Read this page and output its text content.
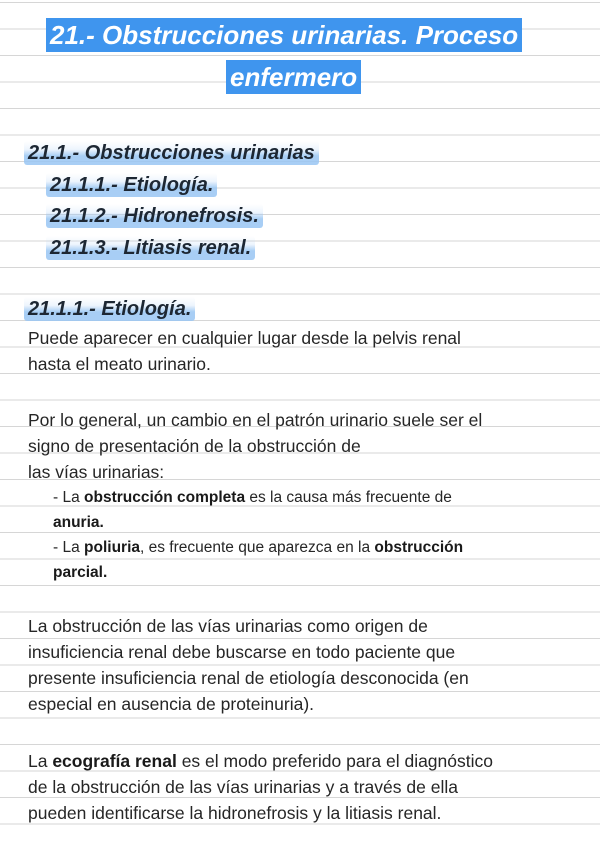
21.- Obstrucciones urinarias. Proceso
enfermero
21.1.- Obstrucciones urinarias
21.1.1.- Etiología.
21.1.2.- Hidronefrosis.
21.1.3.- Litiasis renal.
21.1.1.- Etiología.
Puede aparecer en cualquier lugar desde la pelvis renal
hasta el meato urinario.
Por lo general, un cambio en el patrón urinario suele ser el
signo de presentación de la obstrucción de
las vías urinarias:
- La obstrucción completa es la causa más frecuente de
anuria.
- La poliuria, es frecuente que aparezca en la obstrucción
parcial.
La obstrucción de las vías urinarias como origen de
insuficiencia renal debe buscarse en todo paciente que
presente insuficiencia renal de etiología desconocida (en
especial en ausencia de proteinuria).
La ecografía renal es el modo preferido para el diagnóstico
de la obstrucción de las vías urinarias y a través de ella
pueden identificarse la hidronefrosis y la litiasis renal.
